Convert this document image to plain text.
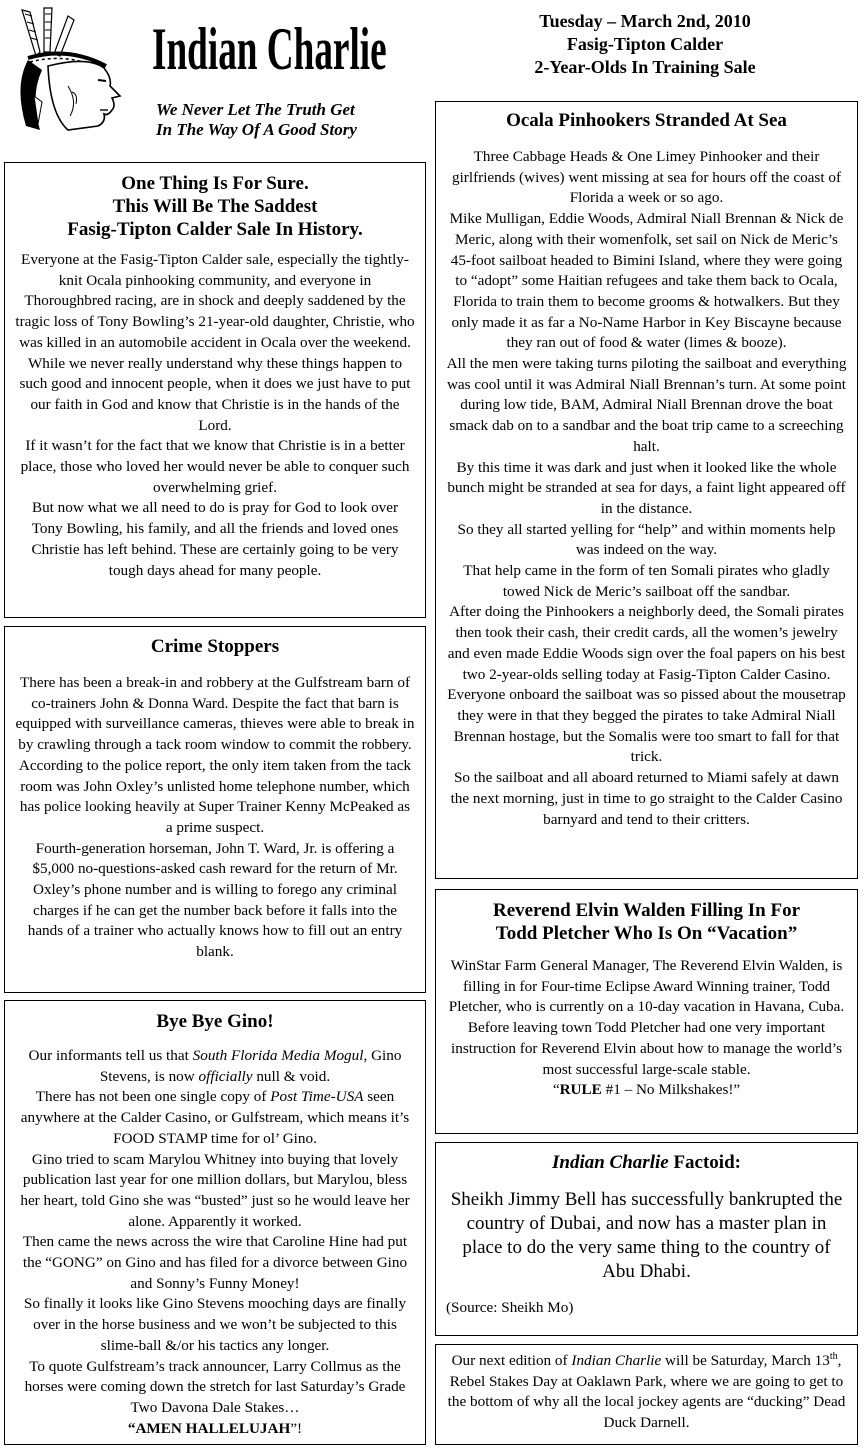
Indian Charlie
We Never Let The Truth Get
In The Way Of A Good Story
Tuesday – March 2nd, 2010
Fasig-Tipton Calder
2-Year-Olds In Training Sale
One Thing Is For Sure.
This Will Be The Saddest
Fasig-Tipton Calder Sale In History.

Everyone at the Fasig-Tipton Calder sale, especially the tightly-knit Ocala pinhooking community, and everyone in Thoroughbred racing, are in shock and deeply saddened by the tragic loss of Tony Bowling’s 21-year-old daughter, Christie, who was killed in an automobile accident in Ocala over the weekend.

While we never really understand why these things happen to such good and innocent people, when it does we just have to put our faith in God and know that Christie is in the hands of the Lord.

If it wasn’t for the fact that we know that Christie is in a better place, those who loved her would never be able to conquer such overwhelming grief.

But now what we all need to do is pray for God to look over Tony Bowling, his family, and all the friends and loved ones Christie has left behind. These are certainly going to be very tough days ahead for many people.

Crime Stoppers

There has been a break-in and robbery at the Gulfstream barn of co-trainers John & Donna Ward. Despite the fact that barn is equipped with surveillance cameras, thieves were able to break in by crawling through a tack room window to commit the robbery.

According to the police report, the only item taken from the tack room was John Oxley’s unlisted home telephone number, which has police looking heavily at Super Trainer Kenny McPeaked as a prime suspect.

Fourth-generation horseman, John T. Ward, Jr. is offering a $5,000 no-questions-asked cash reward for the return of Mr. Oxley’s phone number and is willing to forego any criminal charges if he can get the number back before it falls into the hands of a trainer who actually knows how to fill out an entry blank.

Bye Bye Gino!

Our informants tell us that South Florida Media Mogul, Gino Stevens, is now officially null & void.

There has not been one single copy of Post Time-USA seen anywhere at the Calder Casino, or Gulfstream, which means it’s FOOD STAMP time for ol’ Gino.

Gino tried to scam Marylou Whitney into buying that lovely publication last year for one million dollars, but Marylou, bless her heart, told Gino she was “busted” just so he would leave her alone. Apparently it worked.

Then came the news across the wire that Caroline Hine had put the “GONG” on Gino and has filed for a divorce between Gino and Sonny’s Funny Money!

So finally it looks like Gino Stevens mooching days are finally over in the horse business and we won’t be subjected to this slime-ball &/or his tactics any longer.

To quote Gulfstream’s track announcer, Larry Collmus as the horses were coming down the stretch for last Saturday’s Grade Two Davona Dale Stakes…

“AMEN HALLELUJAH”!

Ocala Pinhookers Stranded At Sea

Three Cabbage Heads & One Limey Pinhooker and their girlfriends (wives) went missing at sea for hours off the coast of Florida a week or so ago.

Mike Mulligan, Eddie Woods, Admiral Niall Brennan & Nick de Meric, along with their womenfolk, set sail on Nick de Meric’s 45-foot sailboat headed to Bimini Island, where they were going to “adopt” some Haitian refugees and take them back to Ocala, Florida to train them to become grooms & hotwalkers. But they only made it as far a No-Name Harbor in Key Biscayne because they ran out of food & water (limes & booze).

All the men were taking turns piloting the sailboat and everything was cool until it was Admiral Niall Brennan’s turn. At some point during low tide, BAM, Admiral Niall Brennan drove the boat smack dab on to a sandbar and the boat trip came to a screeching halt.

By this time it was dark and just when it looked like the whole bunch might be stranded at sea for days, a faint light appeared off in the distance.

So they all started yelling for “help” and within moments help was indeed on the way.

That help came in the form of ten Somali pirates who gladly towed Nick de Meric’s sailboat off the sandbar.

After doing the Pinhookers a neighborly deed, the Somali pirates then took their cash, their credit cards, all the women’s jewelry and even made Eddie Woods sign over the foal papers on his best two 2-year-olds selling today at Fasig-Tipton Calder Casino.

Everyone onboard the sailboat was so pissed about the mousetrap they were in that they begged the pirates to take Admiral Niall Brennan hostage, but the Somalis were too smart to fall for that trick.

So the sailboat and all aboard returned to Miami safely at dawn the next morning, just in time to go straight to the Calder Casino barnyard and tend to their critters.

Reverend Elvin Walden Filling In For
Todd Pletcher Who Is On “Vacation”

WinStar Farm General Manager, The Reverend Elvin Walden, is filling in for Four-time Eclipse Award Winning trainer, Todd Pletcher, who is currently on a 10-day vacation in Havana, Cuba.

Before leaving town Todd Pletcher had one very important instruction for Reverend Elvin about how to manage the world’s most successful large-scale stable.

“RULE #1 – No Milkshakes!”

Indian Charlie Factoid:
Sheikh Jimmy Bell has successfully bankrupted the country of Dubai, and now has a master plan in place to do the very same thing to the country of Abu Dhabi.
(Source: Sheikh Mo)
Our next edition of Indian Charlie will be Saturday, March 13th, Rebel Stakes Day at Oaklawn Park, where we are going to get to the bottom of why all the local jockey agents are “ducking” Dead Duck Darnell.
